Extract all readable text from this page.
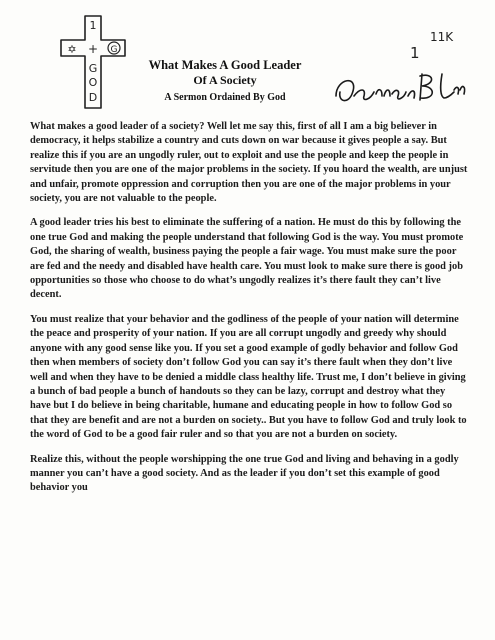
1
+
G
O
D
✡	G
What Makes A Good Leader
Of A Society
A Sermon Ordained By God
1
11K

What makes a good leader of a society? Well let me say this, first of all I am a big believer in democracy, it helps stabilize a country and cuts down on war because it gives people a say. But realize this if you are an ungodly ruler, out to exploit and use the people and keep the people in servitude then you are one of the major problems in the society. If you hoard the wealth, are unjust and unfair, promote oppression and corruption then you are one of the major problems in your society, you are not valuable to the people.

A good leader tries his best to eliminate the suffering of a nation. He must do this by following the one true God and making the people understand that following God is the way. You must promote God, the sharing of wealth, business paying the people a fair wage. You must make sure the poor are fed and the needy and disabled have health care. You must look to make sure there is good job opportunities so those who choose to do what’s ungodly realizes it’s there fault they can’t live decent.

You must realize that your behavior and the godliness of the people of your nation will determine the peace and prosperity of your nation. If you are all corrupt ungodly and greedy why should anyone with any good sense like you. If you set a good example of godly behavior and follow God then when members of society don’t follow God you can say it’s there fault when they don’t live well and when they have to be denied a middle class healthy life. Trust me, I don’t believe in giving a bunch of bad people a bunch of handouts so they can be lazy, corrupt and destroy what they have but I do believe in being charitable, humane and educating people in how to follow God so that they are benefit and are not a burden on society.. But you have to follow God and truly look to the word of God to be a good fair ruler and so that you are not a burden on society.

Realize this, without the people worshipping the one true God and living and behaving in a godly manner you can’t have a good society. And as the leader if you don’t set this example of good behavior you
